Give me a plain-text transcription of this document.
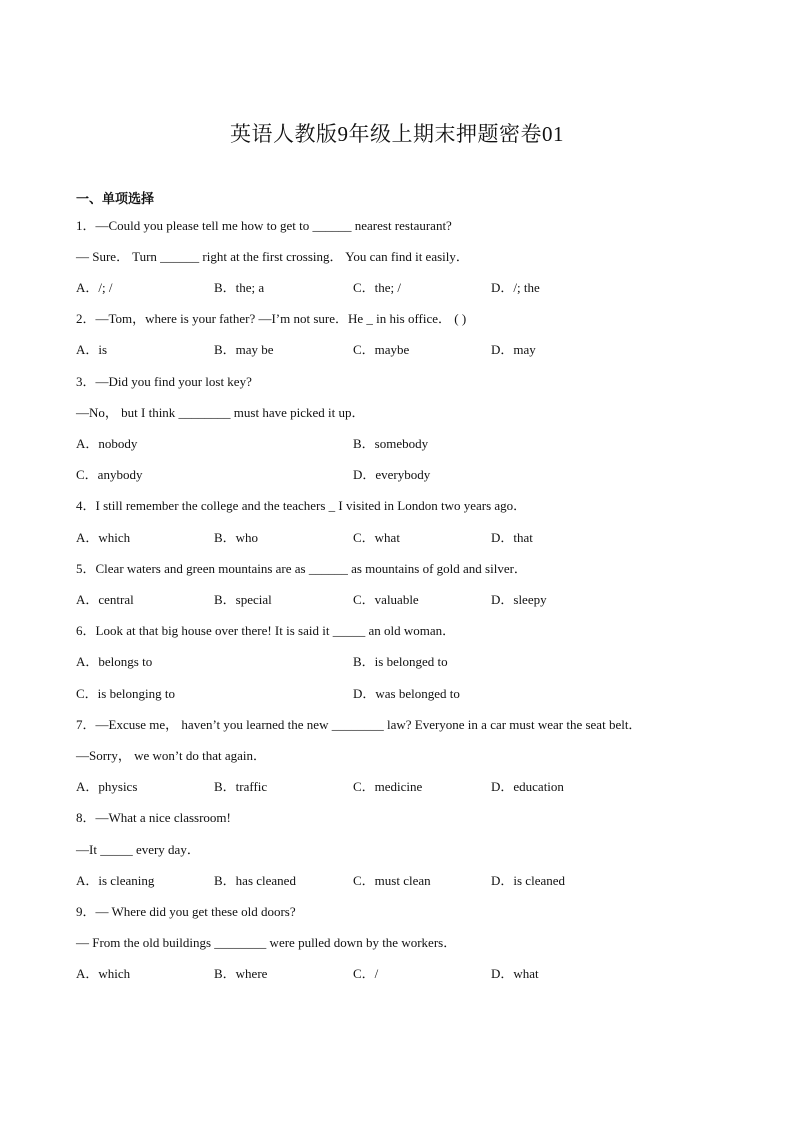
英语人教版9年级上期末押题密卷01
一、单项选择
1．—Could you please tell me how to get to ______ nearest restaurant?
— Sure． Turn ______ right at the first crossing． You can find it easily．
A．/; /	B．the; a	C．the; /	D．/; the
2．—Tom，where is your father? —I’m not sure．He _ in his office． ( )
A．is	B．may be	C．maybe	D．may
3．—Did you find your lost key?
—No， but I think ________ must have picked it up．
A．nobody	B．somebody
C．anybody	D．everybody
4．I still remember the college and the teachers _ I visited in London two years ago．
A．which	B．who	C．what	D．that
5．Clear waters and green mountains are as ______ as mountains of gold and silver．
A．central	B．special	C．valuable	D．sleepy
6．Look at that big house over there! It is said it _____ an old woman．
A．belongs to	B．is belonged to
C．is belonging to	D．was belonged to
7．—Excuse me， haven’t you learned the new ________ law? Everyone in a car must wear the seat belt．
—Sorry， we won’t do that again．
A．physics	B．traffic	C．medicine	D．education
8．—What a nice classroom!
—It _____ every day．
A．is cleaning	B．has cleaned	C．must clean	D．is cleaned
9．— Where did you get these old doors?
— From the old buildings ________ were pulled down by the workers．
A．which	B．where	C．/	D．what
